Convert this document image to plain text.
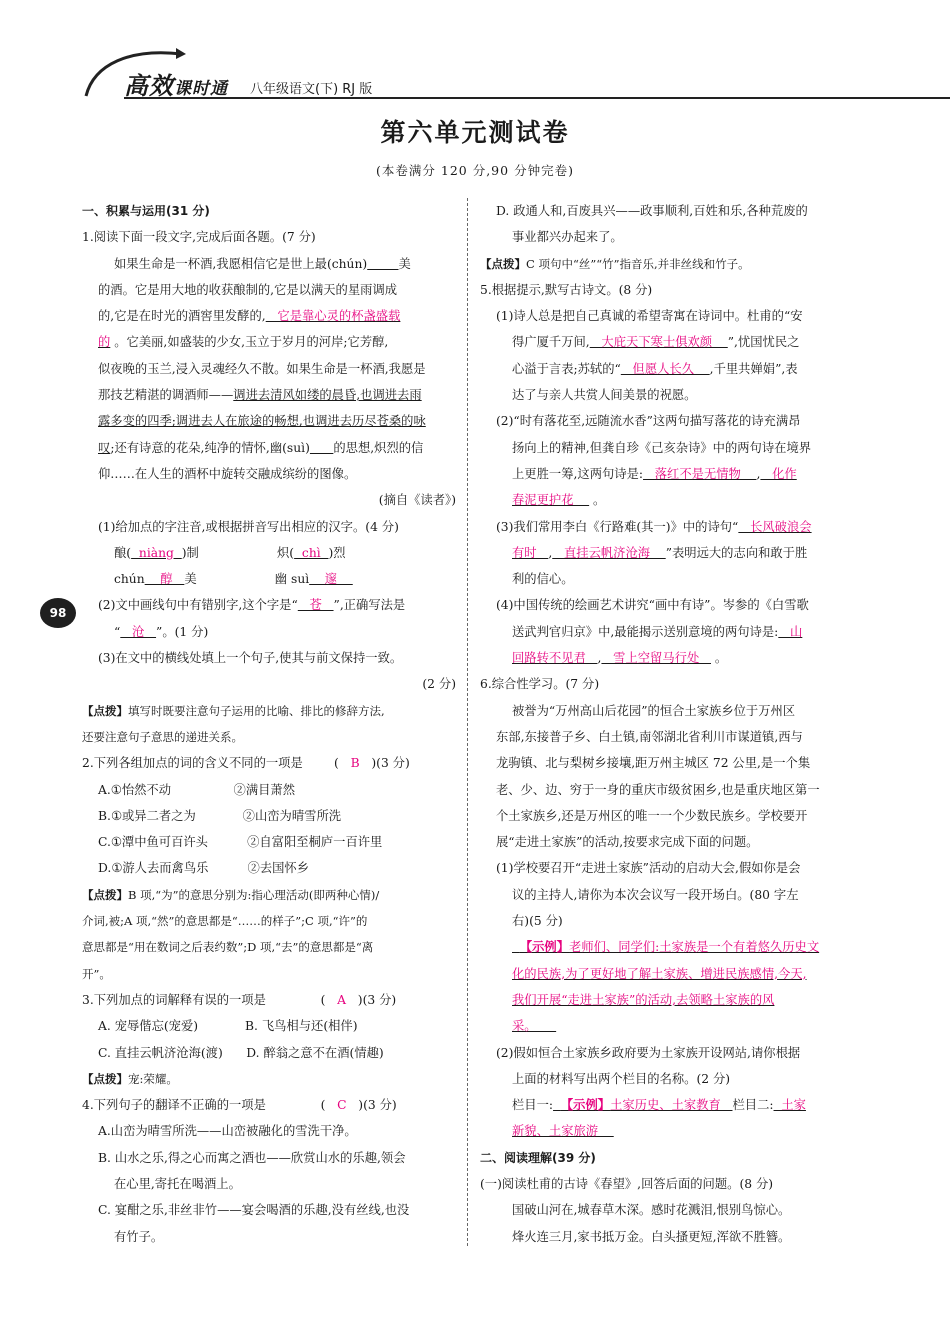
高效课时通 八年级语文(下) RJ 版
第六单元测试卷
(本卷满分 120 分,90 分钟完卷)
98
一、积累与运用(31 分)
1.阅读下面一段文字,完成后面各题。(7 分)
如果生命是一杯酒,我愿相信它是世上最(chún)	美
的酒。它是用大地的收获酿制的,它是以满天的星雨调成
的,它是在时光的酒窖里发酵的,   它是靠心灵的杯盏盛载
的 。它美丽,如盛装的少女,玉立于岁月的河岸;它芳醇,
似夜晚的玉兰,浸入灵魂经久不散。如果生命是一杯酒,我愿是
那技艺精湛的调酒师——调进去清风如缕的晨昏,也调进去雨
露多变的四季;调进去人在旅途的畅想,也调进去历尽苍桑的咏
叹;还有诗意的花朵,纯净的情怀,幽(suì) 的思想,炽烈的信
仰……在人生的酒杯中旋转交融成缤纷的图像。
(摘自《读者》)
(1)给加点的字注音,或根据拼音写出相应的汉字。(4 分)
酿(  niàng  )制                    炽(  chì  )烈
chún    醇   美                    幽 suì    邃
(2)文中画线句中有错别字,这个字是“   苍   ”,正确写法是
“   沧   ”。(1 分)
(3)在文中的横线处填上一个句子,使其与前文保持一致。
(2 分)
【点拨】填写时既要注意句子运用的比喻、排比的修辞方法,
还要注意句子意思的递进关系。
2.下列各组加点的词的含义不同的一项是        (   B   )(3 分)
A.①怡然不动                ②满目萧然
B.①或异二者之为            ②山峦为晴雪所洗
C.①潭中鱼可百许头          ②自富阳至桐庐一百许里
D.①游人去而禽鸟乐          ②去国怀乡
【点拨】B 项,“为”的意思分别为:指心理活动(即两种心情)/
介词,被;A 项,“然”的意思都是“……的样子”;C 项,“许”的
意思都是“用在数词之后表约数”;D 项,“去”的意思都是“离
开”。
3.下列加点的词解释有误的一项是              (   A   )(3 分)
A. 宠辱偕忘(宠爱)            B. 飞鸟相与还(相伴)
C. 直挂云帆济沧海(渡)      D. 醉翁之意不在酒(情趣)
【点拨】宠:荣耀。
4.下列句子的翻译不正确的一项是              (   C   )(3 分)
A.山峦为晴雪所洗——山峦被融化的雪洗干净。
B. 山水之乐,得之心而寓之酒也——欣赏山水的乐趣,领会
在心里,寄托在喝酒上。
C. 宴酣之乐,非丝非竹——宴会喝酒的乐趣,没有丝线,也没
有竹子。
D. 政通人和,百废具兴——政事顺利,百姓和乐,各种荒废的
事业都兴办起来了。
【点拨】C 项句中“丝”“竹”指音乐,并非丝线和竹子。
5.根据提示,默写古诗文。(8 分)
(1)诗人总是把自己真诚的希望寄寓在诗词中。杜甫的“安
得广厦千万间,   大庇天下寒士俱欢颜    ”,忧国忧民之
心溢于言表;苏轼的“   但愿人长久    ,千里共婵娟”,表
达了与亲人共赏人间美景的祝愿。
(2)“时有落花至,远随流水香”这两句描写落花的诗充满昂
扬向上的精神,但龚自珍《己亥杂诗》中的两句诗在境界
上更胜一筹,这两句诗是:   落红不是无情物    ,   化作
春泥更护花     。
(3)我们常用李白《行路难(其一)》中的诗句“   长风破浪会
有时   ,   直挂云帆济沧海    ”表明远大的志向和敢于胜
利的信心。
(4)中国传统的绘画艺术讲究“画中有诗”。岑参的《白雪歌
送武判官归京》中,最能揭示送别意境的两句诗是:   山
回路转不见君   ,   雪上空留马行处    。
6.综合性学习。(7 分)
被誉为“万州高山后花园”的恒合土家族乡位于万州区
东部,东接普子乡、白土镇,南邻湖北省利川市谋道镇,西与
龙驹镇、北与梨树乡接壤,距万州主城区 72 公里,是一个集
老、少、边、穷于一身的重庆市级贫困乡,也是重庆地区第一
个土家族乡,还是万州区的唯一一个少数民族乡。学校要开
展“走进土家族”的活动,按要求完成下面的问题。
(1)学校要召开“走进土家族”活动的启动大会,假如你是会
议的主持人,请你为本次会议写一段开场白。(80 字左
右)(5 分)
【示例】老师们、同学们:土家族是一个有着悠久历史文
化的民族,为了更好地了解土家族、增进民族感情,今天,
我们开展“走进土家族”的活动,去领略土家族的风
采。
(2)假如恒合土家族乡政府要为土家族开设网站,请你根据
上面的材料写出两个栏目的名称。(2 分)
栏目一: 【示例】土家历史、土家教育   栏目二:  土家
新貌、土家旅游
二、阅读理解(39 分)
(一)阅读杜甫的古诗《春望》,回答后面的问题。(8 分)
国破山河在,城春草木深。感时花溅泪,恨别鸟惊心。
烽火连三月,家书抵万金。白头搔更短,浑欲不胜簪。
